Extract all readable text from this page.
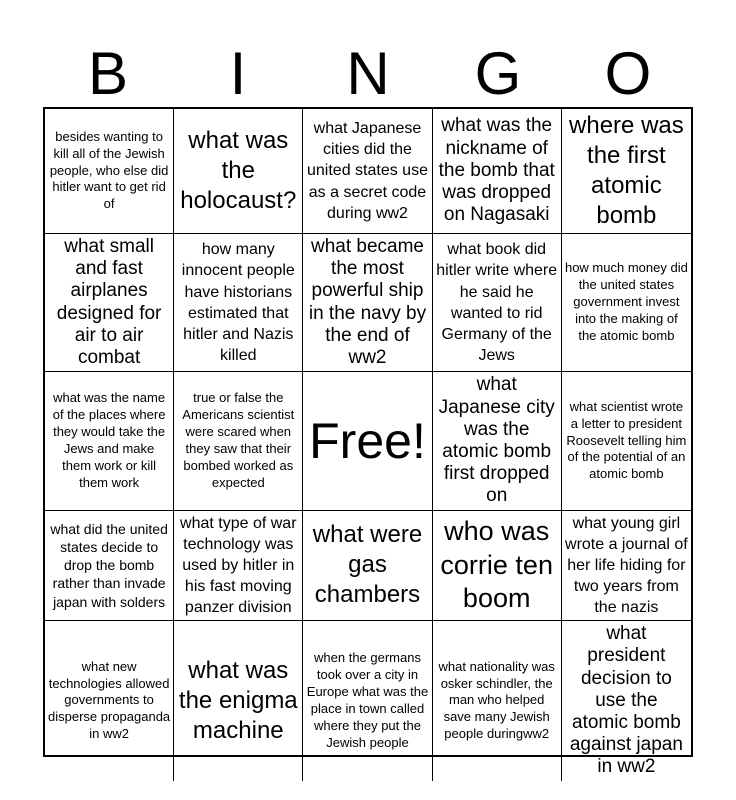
B	I	N	G	O
besides wanting to kill all of the Jewish people, who else did hitler want to get rid of
what was the holocaust?
what Japanese cities did the united states use as a secret code during ww2
what was the nickname of the bomb that was dropped on Nagasaki
where was the first atomic bomb
what small and fast airplanes designed for air to air combat
how many innocent people have historians estimated that hitler and Nazis killed
what became the most powerful ship in the navy by the end of ww2
what book did hitler write where he said he wanted to rid Germany of the Jews
how much money did the united states government invest into the making of the atomic bomb
what was the name of the places where they would take the Jews and make them work or kill them work
true or false the Americans scientist were scared when they saw that their bombed worked as expected
Free!
what Japanese city was the atomic bomb first dropped on
what scientist wrote a letter to president Roosevelt telling him of the potential of an atomic bomb
what did the united states decide to drop the bomb rather than invade japan with solders
what type of war technology was used by hitler in his fast moving panzer division
what were gas chambers
who was corrie ten boom
what young girl wrote a journal of her life hiding for two years from the nazis
what new technologies allowed governments to disperse propaganda in ww2
what was the enigma machine
when the germans took over a city in Europe what was the place in town called where they put the Jewish people
what nationality was osker schindler, the man who helped save many Jewish people duringww2
what president decision to use the atomic bomb against japan in ww2
